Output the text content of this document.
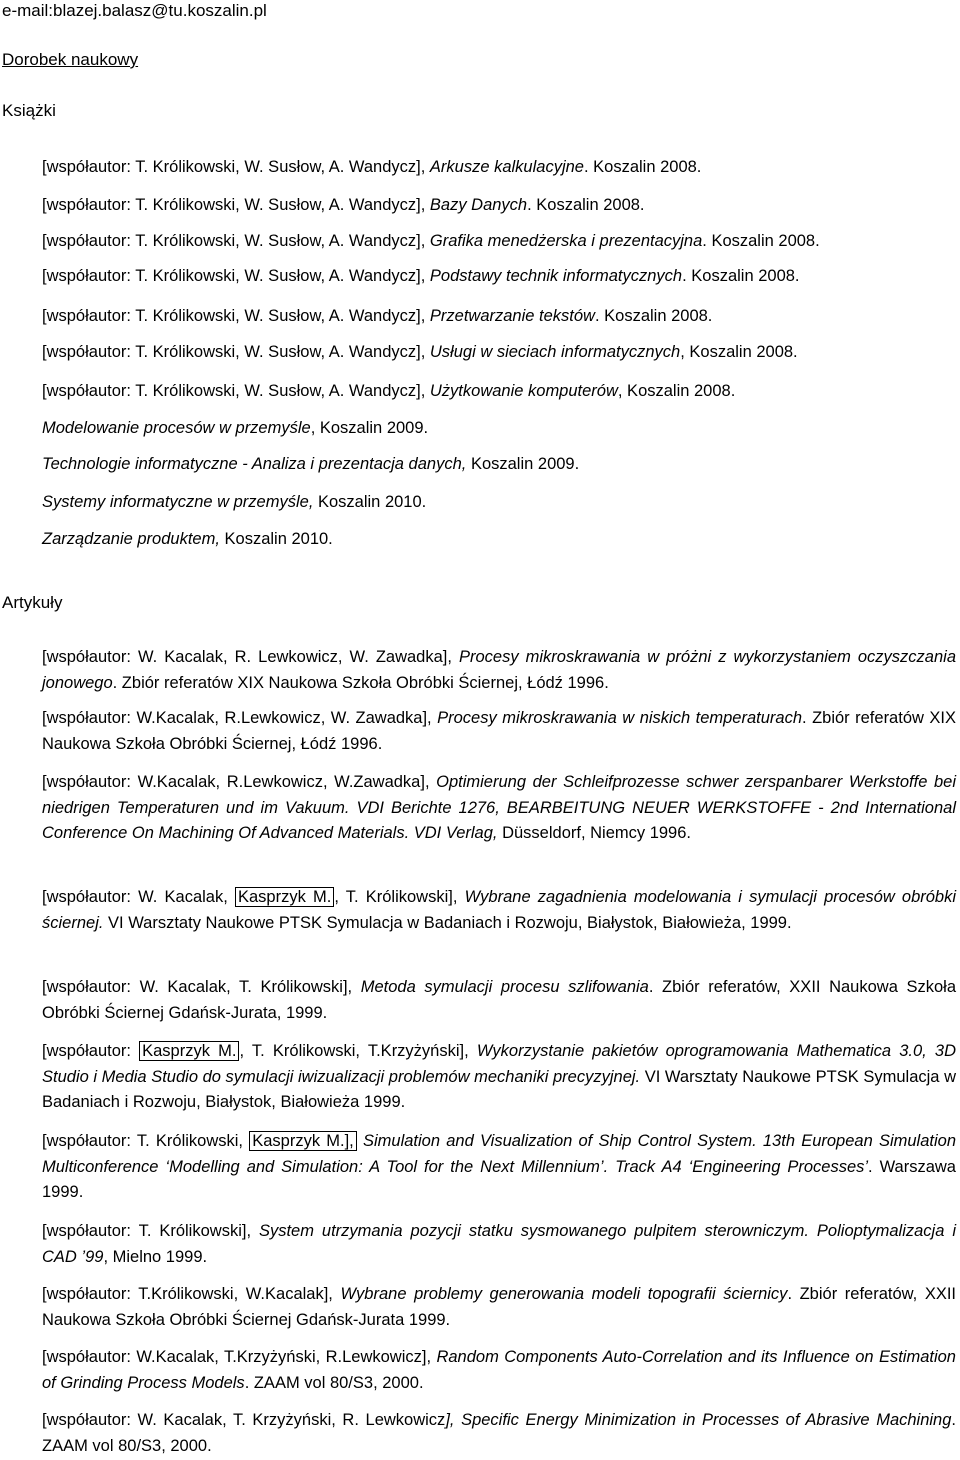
e-mail:blazej.balasz@tu.koszalin.pl
Dorobek naukowy
Książki
[współautor: T. Królikowski, W. Susłow, A. Wandycz], Arkusze kalkulacyjne. Koszalin 2008.
[współautor: T. Królikowski, W. Susłow, A. Wandycz], Bazy Danych. Koszalin 2008.
[współautor: T. Królikowski, W. Susłow, A. Wandycz], Grafika menedżerska i prezentacyjna. Koszalin 2008.
[współautor: T. Królikowski, W. Susłow, A. Wandycz], Podstawy technik informatycznych. Koszalin 2008.
[współautor: T. Królikowski, W. Susłow, A. Wandycz], Przetwarzanie tekstów. Koszalin 2008.
[współautor: T. Królikowski, W. Susłow, A. Wandycz], Usługi w sieciach informatycznych, Koszalin 2008.
[współautor: T. Królikowski, W. Susłow, A. Wandycz], Użytkowanie komputerów, Koszalin 2008.
Modelowanie procesów w przemyśle, Koszalin 2009.
Technologie informatyczne - Analiza i prezentacja danych, Koszalin 2009.
Systemy informatyczne w przemyśle, Koszalin 2010.
Zarządzanie produktem, Koszalin 2010.
Artykuły
[współautor: W. Kacalak, R. Lewkowicz, W. Zawadka], Procesy mikroskrawania w próżni z wykorzystaniem oczyszczania jonowego. Zbiór referatów XIX Naukowa Szkoła Obróbki Ściernej, Łódź 1996.
[współautor: W.Kacalak, R.Lewkowicz, W. Zawadka], Procesy mikroskrawania w niskich temperaturach. Zbiór referatów XIX Naukowa Szkoła Obróbki Ściernej, Łódź 1996.
[współautor: W.Kacalak, R.Lewkowicz, W.Zawadka], Optimierung der Schleifprozesse schwer zerspanbarer Werkstoffe bei niedrigen Temperaturen und im Vakuum. VDI Berichte 1276, BEARBEITUNG NEUER WERKSTOFFE - 2nd International Conference On Machining Of Advanced Materials. VDI Verlag, Düsseldorf, Niemcy 1996.
[współautor: W. Kacalak, Kasprzyk M. , T. Królikowski], Wybrane zagadnienia modelowania i symulacji procesów obróbki ściernej. VI Warsztaty Naukowe PTSK Symulacja w Badaniach i Rozwoju, Białystok, Białowieża, 1999.
[współautor: W. Kacalak, T. Królikowski], Metoda symulacji procesu szlifowania. Zbiór referatów, XXII Naukowa Szkoła Obróbki Ściernej Gdańsk-Jurata, 1999.
[współautor: Kasprzyk M. , T. Królikowski, T.Krzyżyński], Wykorzystanie pakietów oprogramowania Mathematica 3.0, 3D Studio i Media Studio do symulacji iwizualizacji problemów mechaniki precyzyjnej. VI Warsztaty Naukowe PTSK Symulacja w Badaniach i Rozwoju, Białystok, Białowieża 1999.
[współautor: T. Królikowski, Kasprzyk M.], Simulation and Visualization of Ship Control System. 13th European Simulation Multiconference ‘Modelling and Simulation: A Tool for the Next Millennium’. Track A4 ‘Engineering Processes’. Warszawa 1999.
[współautor: T. Królikowski], System utrzymania pozycji statku sysmowanego pulpitem sterowniczym. Polioptymalizacja i CAD ’99, Mielno 1999.
[współautor: T.Królikowski, W.Kacalak], Wybrane problemy generowania modeli topografii ściernicy. Zbiór referatów, XXII Naukowa Szkoła Obróbki Ściernej Gdańsk-Jurata 1999.
[współautor: W.Kacalak, T.Krzyżyński, R.Lewkowicz], Random Components Auto-Correlation and its Influence on Estimation of Grinding Process Models. ZAAM vol 80/S3, 2000.
[współautor: W. Kacalak, T. Krzyżyński, R. Lewkowicz], Specific Energy Minimization in Processes of Abrasive Machining. ZAAM vol 80/S3, 2000.
